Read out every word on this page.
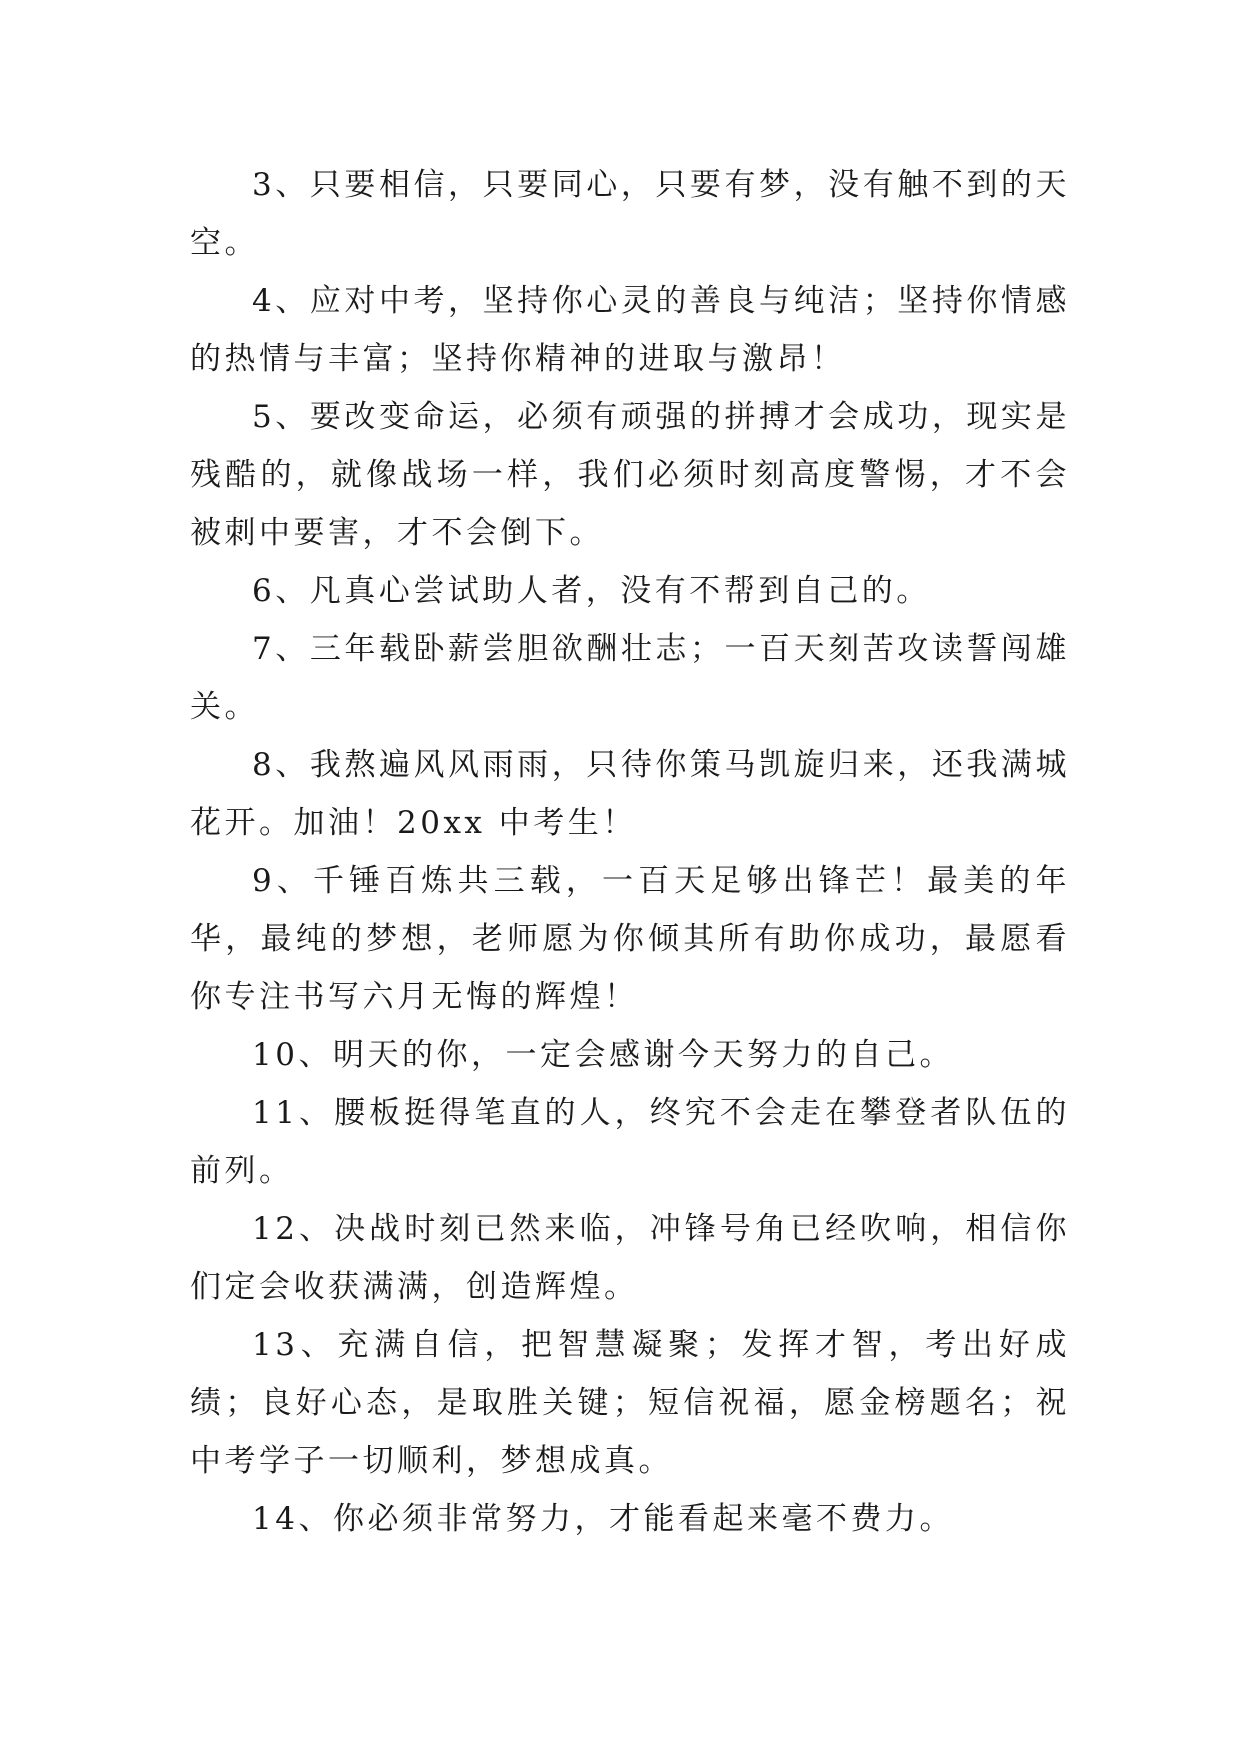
3、只要相信，只要同心，只要有梦，没有触不到的天空。

4、应对中考，坚持你心灵的善良与纯洁；坚持你情感的热情与丰富；坚持你精神的进取与激昂！

5、要改变命运，必须有顽强的拼搏才会成功，现实是残酷的，就像战场一样，我们必须时刻高度警惕，才不会被刺中要害，才不会倒下。

6、凡真心尝试助人者，没有不帮到自己的。

7、三年载卧薪尝胆欲酬壮志；一百天刻苦攻读誓闯雄关。

8、我熬遍风风雨雨，只待你策马凯旋归来，还我满城花开。加油！20xx 中考生！

9、千锤百炼共三载，一百天足够出锋芒！最美的年华，最纯的梦想，老师愿为你倾其所有助你成功，最愿看你专注书写六月无悔的辉煌！

10、明天的你，一定会感谢今天努力的自己。

11、腰板挺得笔直的人，终究不会走在攀登者队伍的前列。

12、决战时刻已然来临，冲锋号角已经吹响，相信你们定会收获满满，创造辉煌。

13、充满自信，把智慧凝聚；发挥才智，考出好成绩；良好心态，是取胜关键；短信祝福，愿金榜题名；祝中考学子一切顺利，梦想成真。

14、你必须非常努力，才能看起来毫不费力。
